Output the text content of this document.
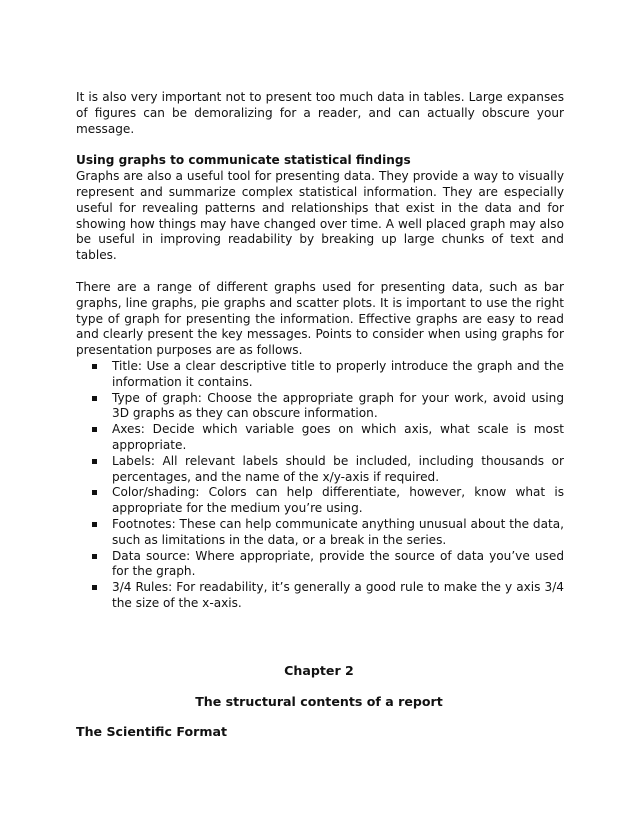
It is also very important not to present too much data in tables. Large expanses of figures can be demoralizing for a reader, and can actually obscure your message.

Using graphs to communicate statistical findings

Graphs are also a useful tool for presenting data. They provide a way to visually represent and summarize complex statistical information. They are especially useful for revealing patterns and relationships that exist in the data and for showing how things may have changed over time. A well placed graph may also be useful in improving readability by breaking up large chunks of text and tables.

There are a range of different graphs used for presenting data, such as bar graphs, line graphs, pie graphs and scatter plots. It is important to use the right type of graph for presenting the information. Effective graphs are easy to read and clearly present the key messages. Points to consider when using graphs for presentation purposes are as follows.

Title: Use a clear descriptive title to properly introduce the graph and the information it contains.
Type of graph: Choose the appropriate graph for your work, avoid using 3D graphs as they can obscure information.
Axes: Decide which variable goes on which axis, what scale is most appropriate.
Labels: All relevant labels should be included, including thousands or percentages, and the name of the x/y-axis if required.
Color/shading: Colors can help differentiate, however, know what is appropriate for the medium you’re using.
Footnotes: These can help communicate anything unusual about the data, such as limitations in the data, or a break in the series.
Data source: Where appropriate, provide the source of data you’ve used for the graph.
3/4 Rules: For readability, it’s generally a good rule to make the y axis 3/4 the size of the x-axis.
Chapter 2
The structural contents of a report
The Scientific Format
